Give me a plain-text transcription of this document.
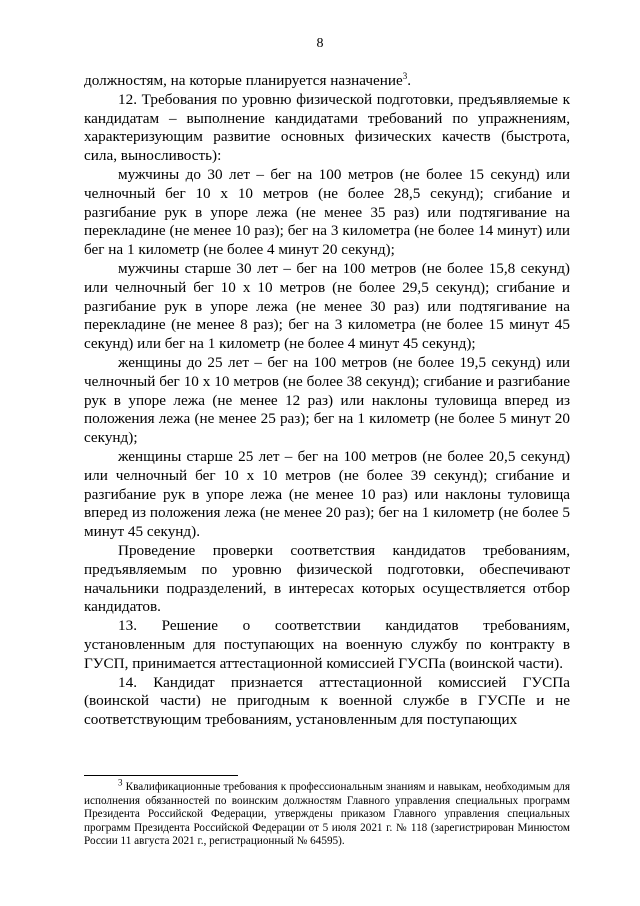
8

должностям, на которые планируется назначение$^3$.

12. Требования по уровню физической подготовки, предъявляемые к кандидатам – выполнение кандидатами требований по упражнениям, характеризующим развитие основных физических качеств (быстрота, сила, выносливость):

мужчины до 30 лет – бег на 100 метров (не более 15 секунд) или челночный бег 10 х 10 метров (не более 28,5 секунд); сгибание и разгибание рук в упоре лежа (не менее 35 раз) или подтягивание на перекладине (не менее 10 раз); бег на 3 километра (не более 14 минут) или бег на 1 километр (не более 4 минут 20 секунд);

мужчины старше 30 лет – бег на 100 метров (не более 15,8 секунд) или челночный бег 10 х 10 метров (не более 29,5 секунд); сгибание и разгибание рук в упоре лежа (не менее 30 раз) или подтягивание на перекладине (не менее 8 раз); бег на 3 километра (не более 15 минут 45 секунд) или бег на 1 километр (не более 4 минут 45 секунд);

женщины до 25 лет – бег на 100 метров (не более 19,5 секунд) или челночный бег 10 х 10 метров (не более 38 секунд); сгибание и разгибание рук в упоре лежа (не менее 12 раз) или наклоны туловища вперед из положения лежа (не менее 25 раз); бег на 1 километр (не более 5 минут 20 секунд);

женщины старше 25 лет – бег на 100 метров (не более 20,5 секунд) или челночный бег 10 х 10 метров (не более 39 секунд); сгибание и разгибание рук в упоре лежа (не менее 10 раз) или наклоны туловища вперед из положения лежа (не менее 20 раз); бег на 1 километр (не более 5 минут 45 секунд).

Проведение проверки соответствия кандидатов требованиям, предъявляемым по уровню физической подготовки, обеспечивают начальники подразделений, в интересах которых осуществляется отбор кандидатов.

13. Решение о соответствии кандидатов требованиям, установленным для поступающих на военную службу по контракту в ГУСП, принимается аттестационной комиссией ГУСПа (воинской части).

14. Кандидат признается аттестационной комиссией ГУСПа (воинской части) не пригодным к военной службе в ГУСПе и не соответствующим требованиям, установленным для поступающих

$^3$ Квалификационные требования к профессиональным знаниям и навыкам, необходимым для исполнения обязанностей по воинским должностям Главного управления специальных программ Президента Российской Федерации, утверждены приказом Главного управления специальных программ Президента Российской Федерации от 5 июля 2021 г. № 118 (зарегистрирован Минюстом России 11 августа 2021 г., регистрационный № 64595).
